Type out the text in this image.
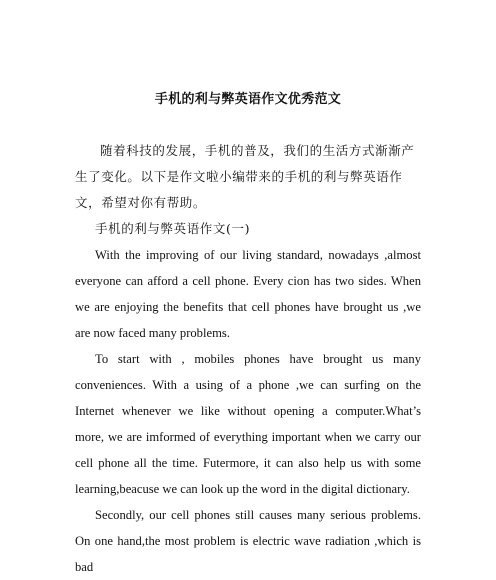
手机的利与弊英语作文优秀范文
随着科技的发展，手机的普及，我们的生活方式渐渐产生了变化。以下是作文啦小编带来的手机的利与弊英语作文，希望对你有帮助。
手机的利与弊英语作文(一)
With the improving of our living standard, nowadays ,almost everyone can afford a cell phone. Every cion has two sides. When we are enjoying the benefits that cell phones have brought us ,we are now faced many problems.
To start with , mobiles phones have brought us many conveniences. With a using of a phone ,we can surfing on the Internet whenever we like without opening a computer.What’s more, we are imformed of everything important when we carry our cell phone all the time. Futermore, it can also help us with some learning,beacuse we can look up the word in the digital dictionary.
Secondly, our cell phones still causes many serious problems. On one hand,the most problem is electric wave radiation ,which is bad
